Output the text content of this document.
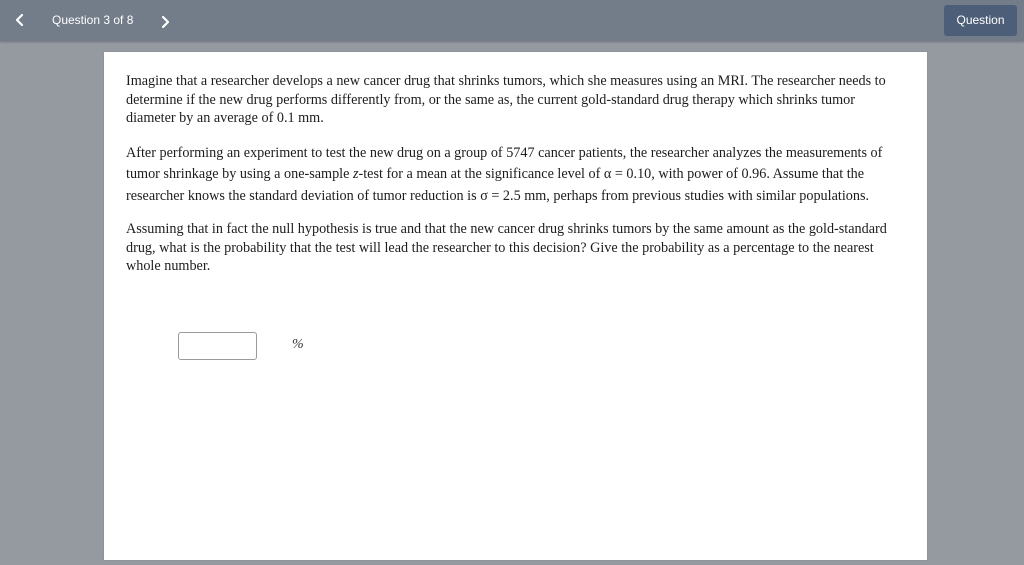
Question 3 of 8	Question

Imagine that a researcher develops a new cancer drug that shrinks tumors, which she measures using an MRI. The researcher needs to determine if the new drug performs differently from, or the same as, the current gold-standard drug therapy which shrinks tumor diameter by an average of 0.1 mm.

After performing an experiment to test the new drug on a group of 5747 cancer patients, the researcher analyzes the measurements of tumor shrinkage by using a one-sample z-test for a mean at the significance level of α = 0.10, with power of 0.96. Assume that the researcher knows the standard deviation of tumor reduction is σ = 2.5 mm, perhaps from previous studies with similar populations.

Assuming that in fact the null hypothesis is true and that the new cancer drug shrinks tumors by the same amount as the gold-standard drug, what is the probability that the test will lead the researcher to this decision? Give the probability as a percentage to the nearest whole number.

%
